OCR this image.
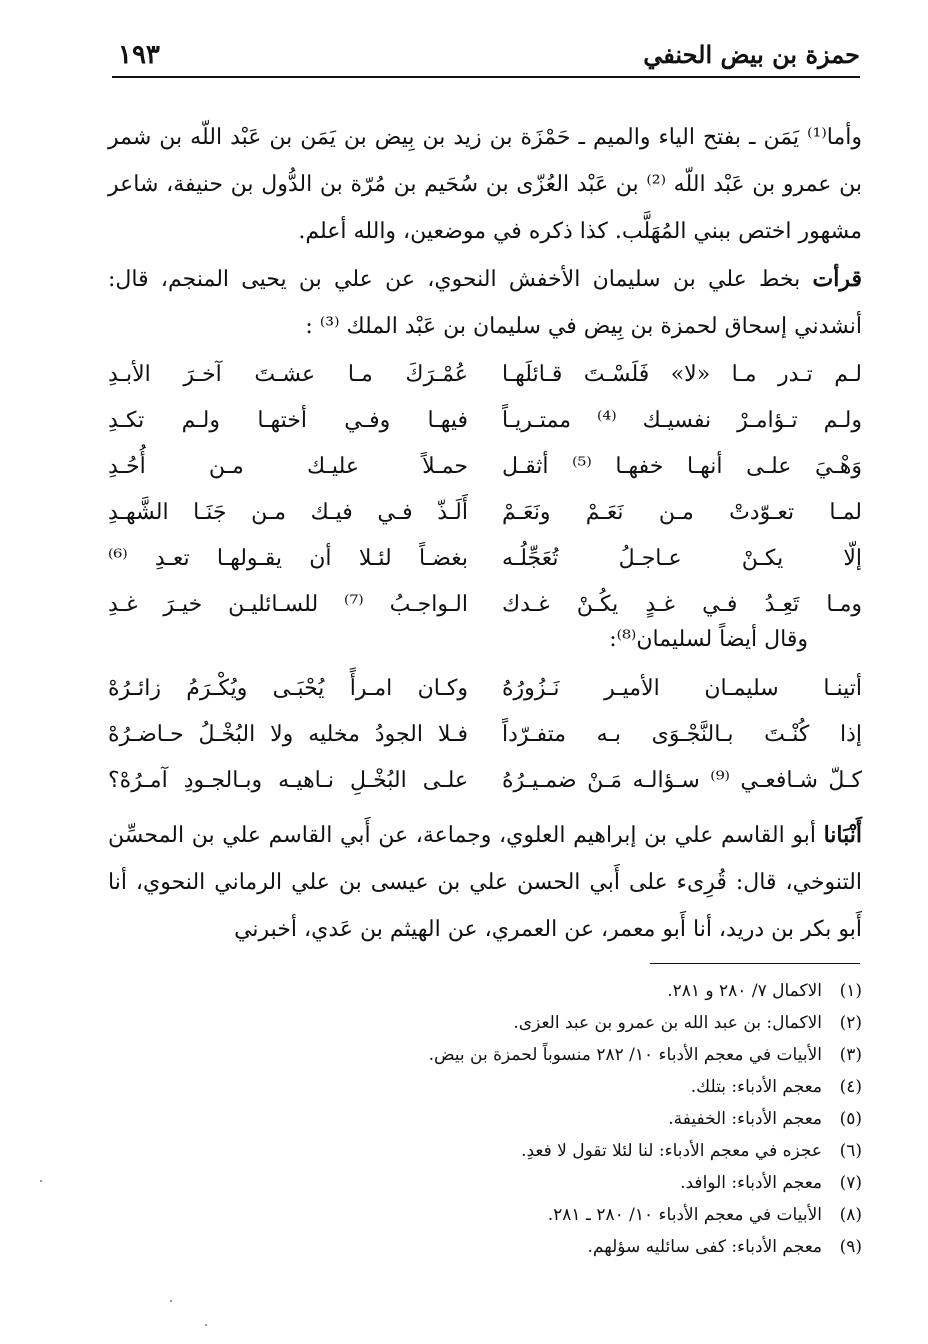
١٩٣	حمزة بن بيض الحنفي

وأما⁽¹⁾ يَمَن ـ بفتح الياء والميم ـ حَمْزَة بن زيد بن بِيض بن يَمَن بن عَبْد اللّه بن شمر بن عمرو بن عَبْد اللّه ⁽²⁾ بن عَبْد العُزّى بن سُحَيم بن مُرّة بن الدُّول بن حنيفة، شاعر مشهور اختص ببني المُهَلَّب. كذا ذكره في موضعين، والله أعلم.

قرأت بخط علي بن سليمان الأخفش النحوي، عن علي بن يحيى المنجم، قال: أنشدني إسحاق لحمزة بن بِيض في سليمان بن عَبْد الملك ⁽³⁾ :

لـم تـدر مـا «لا» فَلَسْـتَ قـائلَهـا
عُمْـرَكَ مـا عشـتَ آخـرَ الأبـدِ
ولـم تـؤامـرْ نفسيـك ⁽⁴⁾ ممتـريـاً
فيهـا وفـي أختهـا ولـم تكـدِ
وَهْـيَ علـى أنهـا خفهـا ⁽⁵⁾ أثقـل
حمـلاً عليـك مـن أُحُـدِ
لمـا تعـوّدتْ مـن نَعَـمْ ونَعَـمْ
أَلَـذّ فـي فيـك مـن جَنَـا الشَّهـدِ
إلّا يكـنْ عـاجـلُ تُعَجِّلُـه
بغضـاً لئـلا أن يقـولهـا تعـدِ ⁽⁶⁾
ومـا تَعِـدُ فـي غـدٍ يكُـنْ غـدك
الـواجـبُ ⁽⁷⁾ للسـائليـن خيـرَ غـدِ
وقال أيضاً لسليمان⁽⁸⁾:
أتينـا سليمـان الأميـر نَـزُورُهُ
وكـان امـرأً يُحْبَـى ويُكْـرَمُ زائـرُهْ
إذا كُنْـتَ بـالنَّجْـوَى بـه متفـرّداً
فـلا الجودُ مخليه ولا البُخْـلُ حـاضـرُهْ
كـلّ شـافعـي ⁽⁹⁾ سـؤالـه مَـنْ ضمـيـرُهُ
علـى البُخْـلِ نـاهيـه وبـالجـودِ آمـرُهْ؟

أَنْبَانا أبو القاسم علي بن إبراهيم العلوي، وجماعة، عن أَبي القاسم علي بن المحسِّن التنوخي، قال: قُرِىء على أَبي الحسن علي بن عيسى بن علي الرماني النحوي، أنا أَبو بكر بن دريد، أنا أَبو معمر، عن العمري، عن الهيثم بن عَدي، أخبرني

(١)الاكمال ٧/ ٢٨٠ و ٢٨١.
(٢)الاكمال: بن عبد الله بن عمرو بن عبد العزى.
(٣)الأبيات في معجم الأدباء ١٠/ ٢٨٢ منسوباً لحمزة بن بيض.
(٤)معجم الأدباء: بتلك.
(٥)معجم الأدباء: الخفيفة.
(٦)عجزه في معجم الأدباء: لنا لئلا تقول لا فعدِ.
(٧)معجم الأدباء: الوافد.
(٨)الأبيات في معجم الأدباء ١٠/ ٢٨٠ ـ ٢٨١.
(٩)معجم الأدباء: كفى سائليه سؤلهم.
